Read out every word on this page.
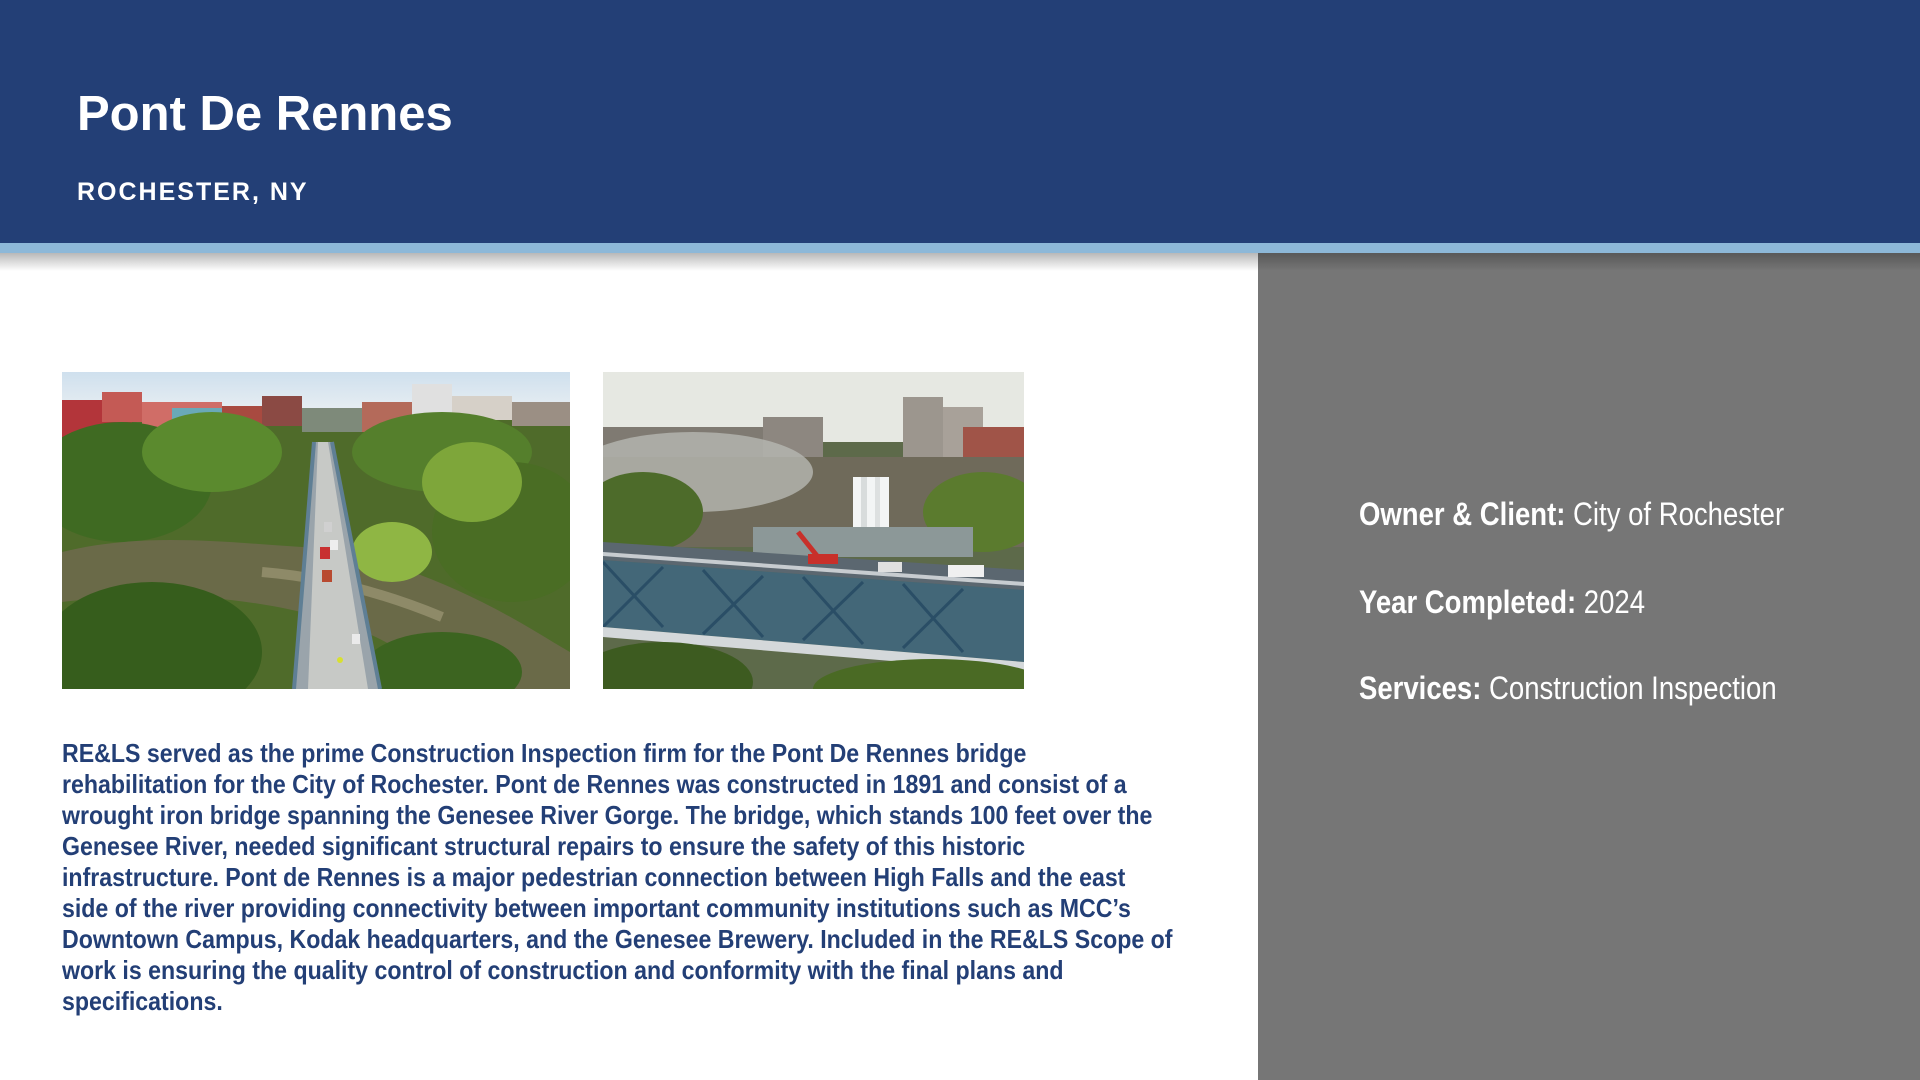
Pont De Rennes
ROCHESTER, NY

RE&LS served as the prime Construction Inspection firm for the Pont De Rennes bridge rehabilitation for the City of Rochester. Pont de Rennes was constructed in 1891 and consist of a wrought iron bridge spanning the Genesee River Gorge. The bridge, which stands 100 feet over the Genesee River, needed significant structural repairs to ensure the safety of this historic infrastructure. Pont de Rennes is a major pedestrian connection between High Falls and the east side of the river providing connectivity between important community institutions such as MCC’s Downtown Campus, Kodak headquarters, and the Genesee Brewery. Included in the RE&LS Scope of work is ensuring the quality control of construction and conformity with the final plans and specifications.

Owner & Client: City of Rochester
Year Completed: 2024
Services: Construction Inspection
